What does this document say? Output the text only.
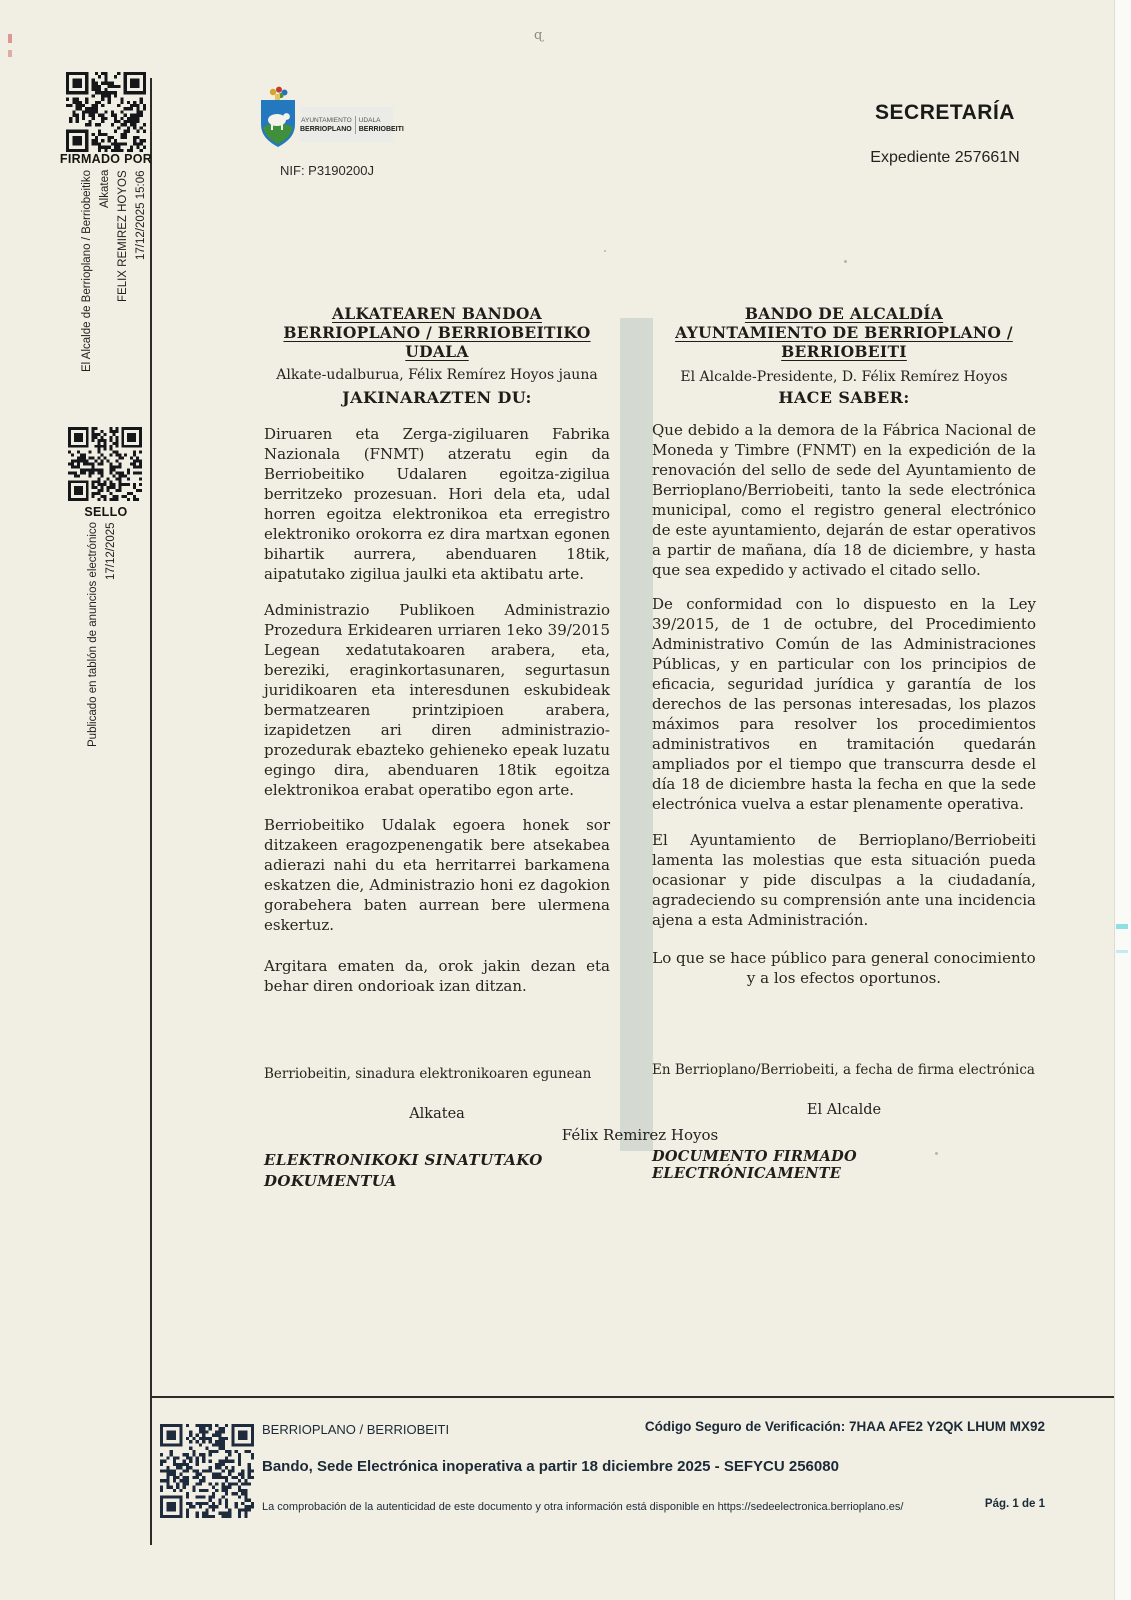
FIRMADO POR
El Alcalde de Berrioplano / Berriobeitiko Alkatea FELIX REMIREZ HOYOS 17/12/2025 15:06
SELLO
Publicado en tablón de anuncios electrónico 17/12/2025
AYUNTAMIENTO
BERRIOPLANO
UDALA
BERRIOBEITI
NIF: P3190200J
SECRETARÍA
Expediente 257661N
ALKATEAREN BANDOA
BERRIOPLANO / BERRIOBEITIKO UDALA
Alkate-udalburua, Félix Remírez Hoyos jauna
JAKINARAZTEN DU:

Diruaren eta Zerga-zigiluaren Fabrika Nazionala (FNMT) atzeratu egin da Berriobeitiko Udalaren egoitza-zigilua berritzeko prozesuan. Hori dela eta, udal horren egoitza elektronikoa eta erregistro elektroniko orokorra ez dira martxan egonen bihartik aurrera, abenduaren 18tik, aipatutako zigilua jaulki eta aktibatu arte.

Administrazio Publikoen Administrazio Prozedura Erkidearen urriaren 1eko 39/2015 Legean xedatutakoaren arabera, eta, bereziki, eraginkortasunaren, segurtasun juridikoaren eta interesdunen eskubideak bermatzearen printzipioen arabera, izapidetzen ari diren administrazio-prozedurak ebazteko gehieneko epeak luzatu egingo dira, abenduaren 18tik egoitza elektronikoa erabat operatibo egon arte.

Berriobeitiko Udalak egoera honek sor ditzakeen eragozpenengatik bere atsekabea adierazi nahi du eta herritarrei barkamena eskatzen die, Administrazio honi ez dagokion gorabehera baten aurrean bere ulermena eskertuz.

Argitara ematen da, orok jakin dezan eta behar diren ondorioak izan ditzan.

Berriobeitin, sinadura elektronikoaren egunean
Alkatea
ELEKTRONIKOKI SINATUTAKO DOKUMENTUA
BANDO DE ALCALDÍA
AYUNTAMIENTO DE BERRIOPLANO /
BERRIOBEITI
El Alcalde-Presidente, D. Félix Remírez Hoyos
HACE SABER:

Que debido a la demora de la Fábrica Nacional de Moneda y Timbre (FNMT) en la expedición de la renovación del sello de sede del Ayuntamiento de Berrioplano/Berriobeiti, tanto la sede electrónica municipal, como el registro general electrónico de este ayuntamiento, dejarán de estar operativos a partir de mañana, día 18 de diciembre, y hasta que sea expedido y activado el citado sello.

De conformidad con lo dispuesto en la Ley 39/2015, de 1 de octubre, del Procedimiento Administrativo Común de las Administraciones Públicas, y en particular con los principios de eficacia, seguridad jurídica y garantía de los derechos de las personas interesadas, los plazos máximos para resolver los procedimientos administrativos en tramitación quedarán ampliados por el tiempo que transcurra desde el día 18 de diciembre hasta la fecha en que la sede electrónica vuelva a estar plenamente operativa.

El Ayuntamiento de Berrioplano/Berriobeiti lamenta las molestias que esta situación pueda ocasionar y pide disculpas a la ciudadanía, agradeciendo su comprensión ante una incidencia ajena a esta Administración.

Lo que se hace público para general conocimiento y a los efectos oportunos.

En Berrioplano/Berriobeiti, a fecha de firma electrónica
El Alcalde
DOCUMENTO FIRMADO ELECTRÓNICAMENTE
Félix Remirez Hoyos
BERRIOPLANO / BERRIOBEITI	Código Seguro de Verificación: 7HAA AFE2 Y2QK LHUM MX92
Bando, Sede Electrónica inoperativa a partir 18 diciembre 2025 - SEFYCU 256080
La comprobación de la autenticidad de este documento y otra información está disponible en https://sedeelectronica.berrioplano.es/	Pág. 1 de 1
ɋ
